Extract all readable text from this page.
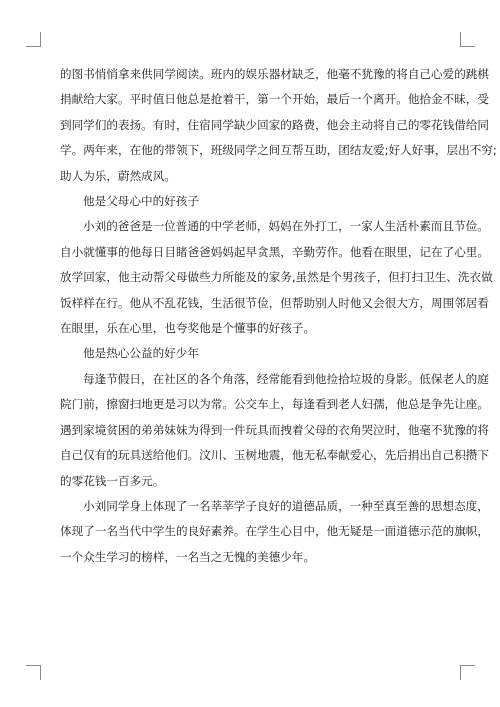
的图书悄悄拿来供同学阅读。班内的娱乐器材缺乏，他毫不犹豫的将自己心爱的跳棋
捐献给大家。平时值日他总是抢着干，第一个开始，最后一个离开。他拾金不昧，受
到同学们的表扬。有时，住宿同学缺少回家的路费，他会主动将自己的零花钱借给同
学。两年来，在他的带领下，班级同学之间互帮互助，团结友爱;好人好事，层出不穷;
助人为乐，蔚然成风。
他是父母心中的好孩子
小刘的爸爸是一位普通的中学老师，妈妈在外打工，一家人生活朴素而且节俭。
自小就懂事的他每日目睹爸爸妈妈起早贪黑，辛勤劳作。他看在眼里，记在了心里。
放学回家，他主动帮父母做些力所能及的家务,虽然是个男孩子，但打扫卫生、洗衣做
饭样样在行。他从不乱花钱，生活很节俭，但帮助别人时他又会很大方，周围邻居看
在眼里，乐在心里，也夸奖他是个懂事的好孩子。
他是热心公益的好少年
每逢节假日，在社区的各个角落，经常能看到他捡拾垃圾的身影。低保老人的庭
院门前，擦窗扫地更是习以为常。公交车上，每逢看到老人妇孺，他总是争先让座。
遇到家境贫困的弟弟妹妹为得到一件玩具而拽着父母的衣角哭泣时，他毫不犹豫的将
自己仅有的玩具送给他们。汶川、玉树地震，他无私奉献爱心，先后捐出自己积攒下
的零花钱一百多元。
小刘同学身上体现了一名莘莘学子良好的道德品质，一种至真至善的思想态度，
体现了一名当代中学生的良好素养。在学生心目中，他无疑是一面道德示范的旗帜，
一个众生学习的榜样，一名当之无愧的美德少年。
